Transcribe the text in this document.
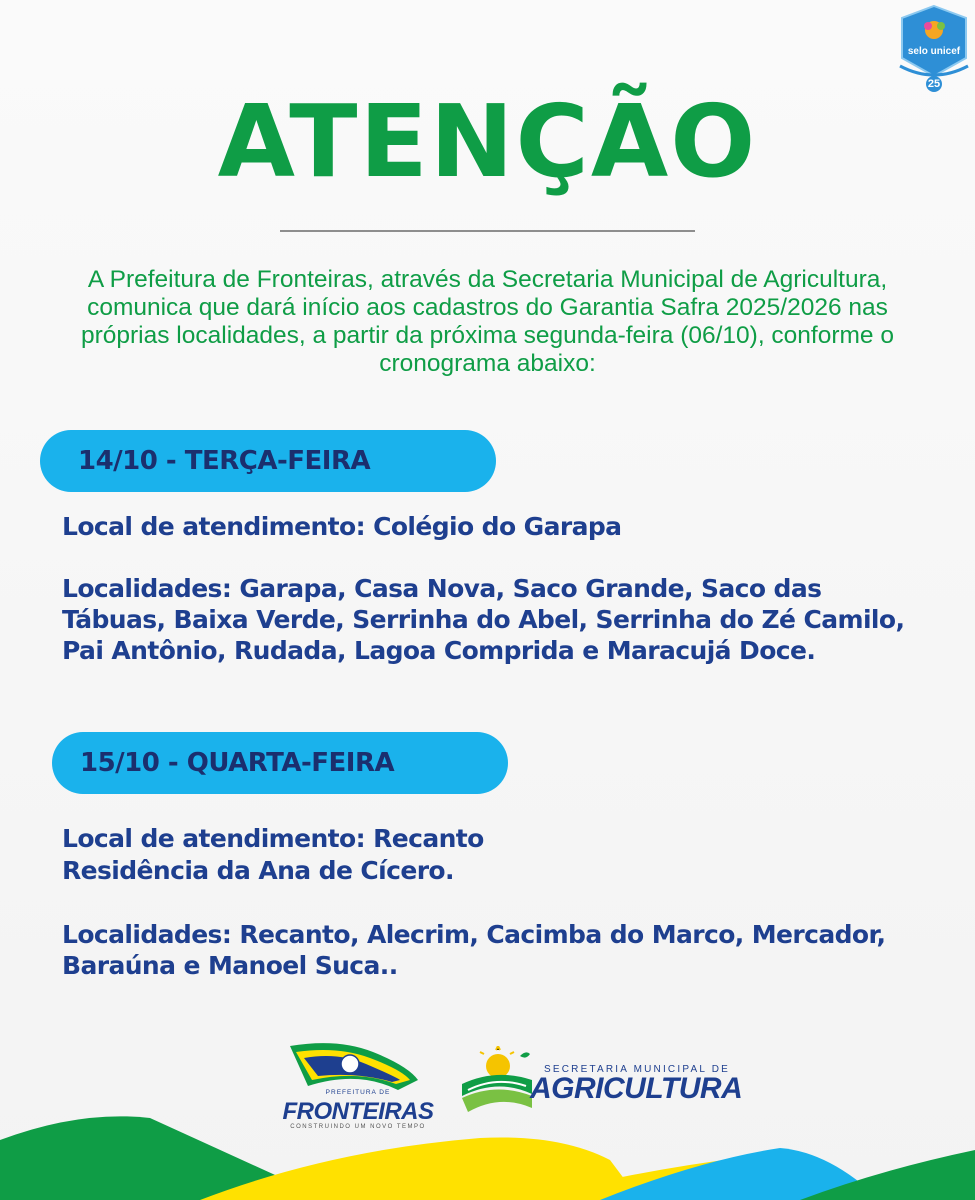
selo unicef
25
ATENÇÃO
A Prefeitura de Fronteiras, através da Secretaria Municipal de Agricultura, comunica que dará início aos cadastros do Garantia Safra 2025/2026 nas próprias localidades, a partir da próxima segunda-feira (06/10), conforme o cronograma abaixo:
14/10 - TERÇA-FEIRA
Local de atendimento: Colégio do Garapa
Localidades: Garapa, Casa Nova, Saco Grande, Saco das Tábuas, Baixa Verde, Serrinha do Abel, Serrinha do Zé Camilo, Pai Antônio, Rudada, Lagoa Comprida e Maracujá Doce.
15/10 - QUARTA-FEIRA
Local de atendimento: Recanto
Residência da Ana de Cícero.
Localidades: Recanto, Alecrim, Cacimba do Marco, Mercador, Baraúna e Manoel Suca..
PREFEITURA DE
FRONTEIRAS
CONSTRUINDO UM NOVO TEMPO
SECRETARIA MUNICIPAL DE
AGRICULTURA
